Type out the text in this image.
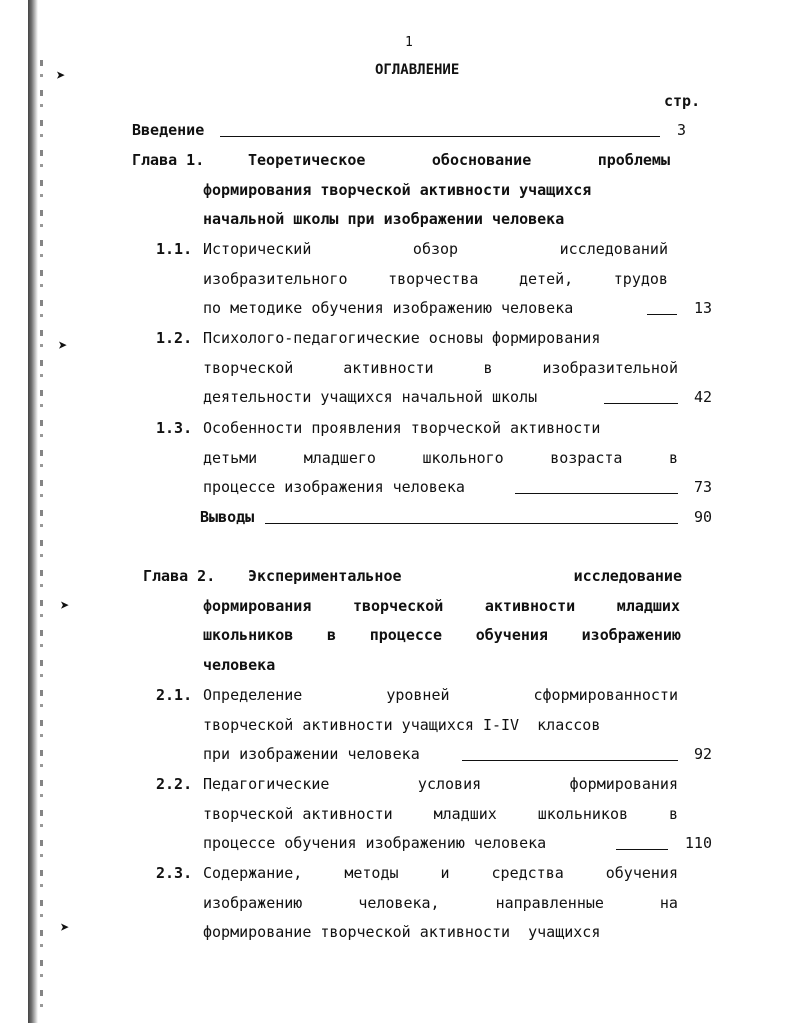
➤
➤
➤
➤
1
ОГЛАВЛЕНИЕ
стр.
Введение	3
Глава 1.	Теоретическое	обоснование	проблемы
формирования творческой активности учащихся
начальной школы при изображении человека
1.1. Исторический	обзор	исследований
изобразительного	творчества	детей,	трудов
по методике обучения изображению человека	13
1.2. Психолого-педагогические основы формирования
творческой	активности	в	изобразительной
деятельности учащихся начальной школы	42
1.3. Особенности проявления творческой активности
детьми	младшего	школьного	возраста	в
процессе изображения человека	73
Выводы	90
Глава 2. Экспериментальное	исследование
формирования	творческой	активности	младших
школьников в процессе обучения изображению
человека
2.1. Определение	уровней	сформированности
творческой активности учащихся I-IV  классов
при изображении человека	92
2.2. Педагогические	условия	формирования
творческой активности	младших	школьников	в
процессе обучения изображению человека	110
2.3. Содержание,	методы	и	средства	обучения
изображению	человека,	направленные	на
формирование творческой активности  учащихся
